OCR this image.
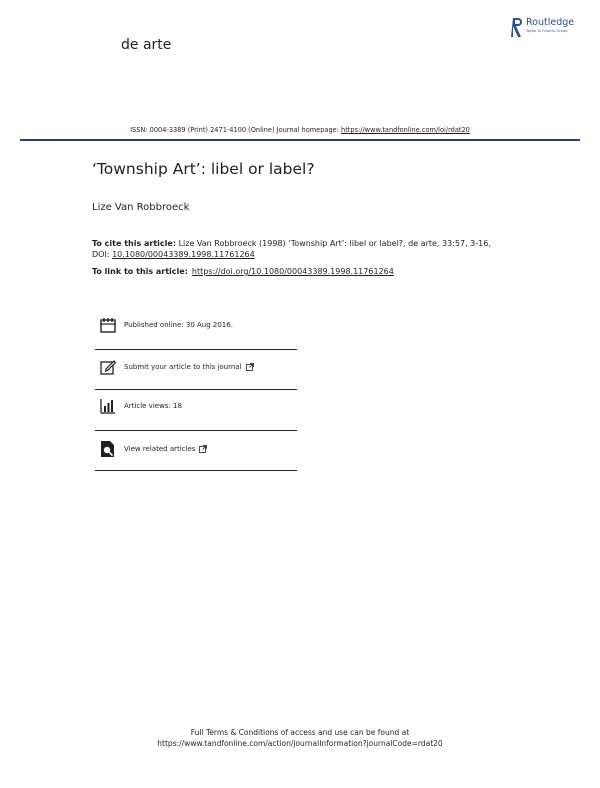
de arte
Routledge
Taylor & Francis Group
ISSN: 0004-3389 (Print) 2471-4100 (Online) Journal homepage: https://www.tandfonline.com/loi/rdat20
‘Township Art’: libel or label?
Lize Van Robbroeck
To cite this article: Lize Van Robbroeck (1998) ‘Township Art’: libel or label?, de arte, 33:57, 3-16,
DOI: 10.1080/00043389.1998.11761264
To link to this article: https://doi.org/10.1080/00043389.1998.11761264
Published online: 30 Aug 2016.
Submit your article to this journal
Article views: 18
View related articles
Full Terms & Conditions of access and use can be found at
https://www.tandfonline.com/action/journalInformation?journalCode=rdat20
